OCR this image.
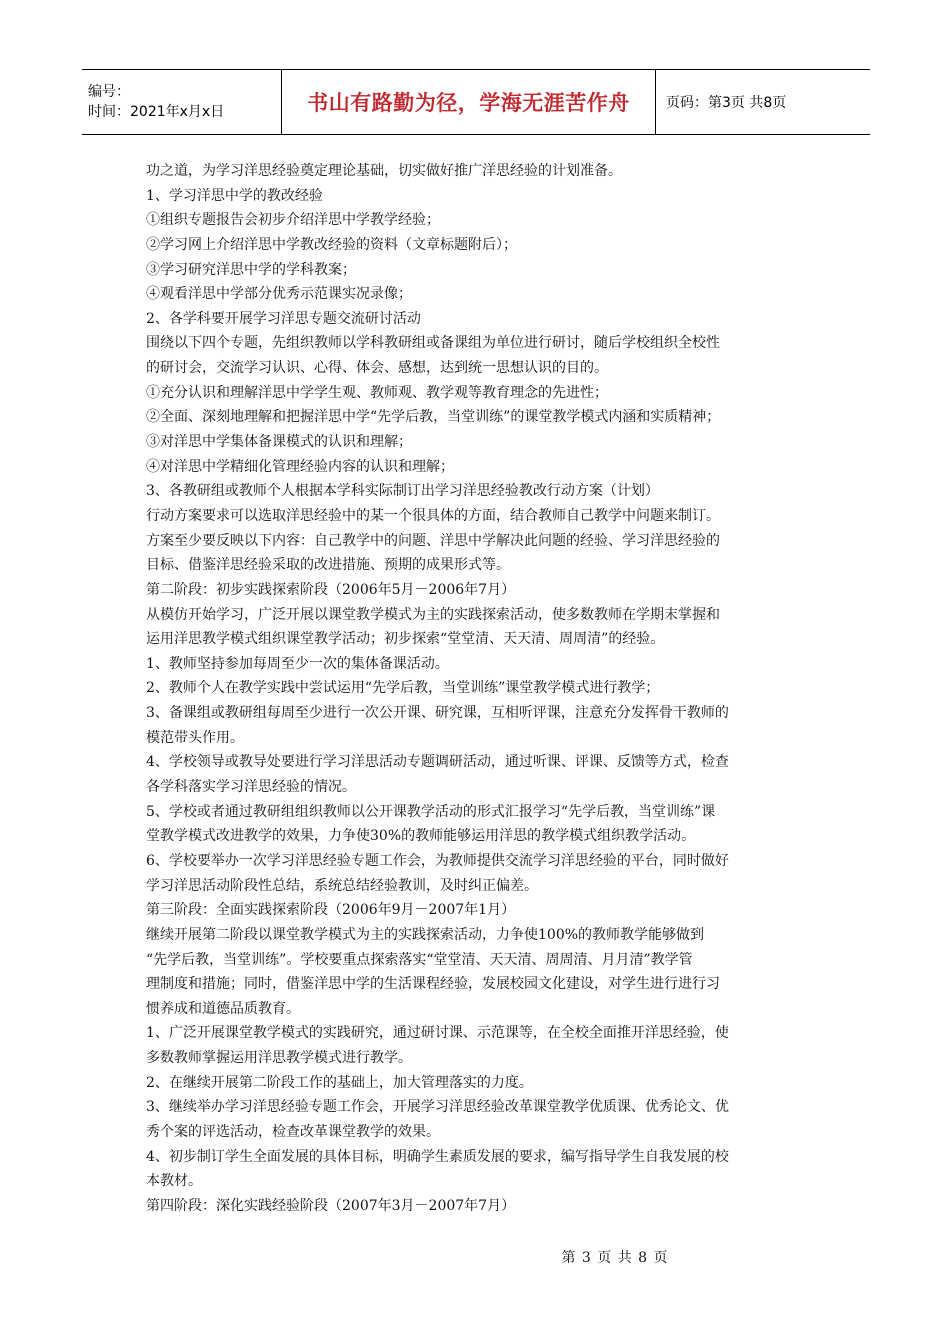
编号：
时间：2021年x月x日	书山有路勤为径，学海无涯苦作舟	页码：第3页 共8页
功之道，为学习洋思经验奠定理论基础，切实做好推广洋思经验的计划准备。
1、学习洋思中学的教改经验
①组织专题报告会初步介绍洋思中学教学经验；
②学习网上介绍洋思中学教改经验的资料（文章标题附后）；
③学习研究洋思中学的学科教案；
④观看洋思中学部分优秀示范课实况录像；
2、各学科要开展学习洋思专题交流研讨活动
围绕以下四个专题，先组织教师以学科教研组或备课组为单位进行研讨，随后学校组织全校性
的研讨会，交流学习认识、心得、体会、感想，达到统一思想认识的目的。
①充分认识和理解洋思中学学生观、教师观、教学观等教育理念的先进性；
②全面、深刻地理解和把握洋思中学“先学后教，当堂训练”的课堂教学模式内涵和实质精神；
③对洋思中学集体备课模式的认识和理解；
④对洋思中学精细化管理经验内容的认识和理解；
3、各教研组或教师个人根据本学科实际制订出学习洋思经验教改行动方案（计划）
行动方案要求可以选取洋思经验中的某一个很具体的方面，结合教师自己教学中问题来制订。
方案至少要反映以下内容：自己教学中的问题、洋思中学解决此问题的经验、学习洋思经验的
目标、借鉴洋思经验采取的改进措施、预期的成果形式等。
第二阶段：初步实践探索阶段（2006年5月－2006年7月）
从模仿开始学习，广泛开展以课堂教学模式为主的实践探索活动，使多数教师在学期末掌握和
运用洋思教学模式组织课堂教学活动；初步探索“堂堂清、天天清、周周清”的经验。
1、教师坚持参加每周至少一次的集体备课活动。
2、教师个人在教学实践中尝试运用“先学后教，当堂训练”课堂教学模式进行教学；
3、备课组或教研组每周至少进行一次公开课、研究课，互相听评课，注意充分发挥骨干教师的
模范带头作用。
4、学校领导或教导处要进行学习洋思活动专题调研活动，通过听课、评课、反馈等方式，检查
各学科落实学习洋思经验的情况。
5、学校或者通过教研组组织教师以公开课教学活动的形式汇报学习“先学后教，当堂训练”课
堂教学模式改进教学的效果，力争使30%的教师能够运用洋思的教学模式组织教学活动。
6、学校要举办一次学习洋思经验专题工作会，为教师提供交流学习洋思经验的平台，同时做好
学习洋思活动阶段性总结，系统总结经验教训，及时纠正偏差。
第三阶段：全面实践探索阶段（2006年9月－2007年1月）
继续开展第二阶段以课堂教学模式为主的实践探索活动，力争使100%的教师教学能够做到
“先学后教，当堂训练”。学校要重点探索落实“堂堂清、天天清、周周清、月月清”教学管
理制度和措施；同时，借鉴洋思中学的生活课程经验，发展校园文化建设，对学生进行进行习
惯养成和道德品质教育。
1、广泛开展课堂教学模式的实践研究，通过研讨课、示范课等，在全校全面推开洋思经验，使
多数教师掌握运用洋思教学模式进行教学。
2、在继续开展第二阶段工作的基础上，加大管理落实的力度。
3、继续举办学习洋思经验专题工作会，开展学习洋思经验改革课堂教学优质课、优秀论文、优
秀个案的评选活动，检查改革课堂教学的效果。
4、初步制订学生全面发展的具体目标，明确学生素质发展的要求，编写指导学生自我发展的校
本教材。
第四阶段：深化实践经验阶段（2007年3月－2007年7月）
第 3 页 共 8 页
